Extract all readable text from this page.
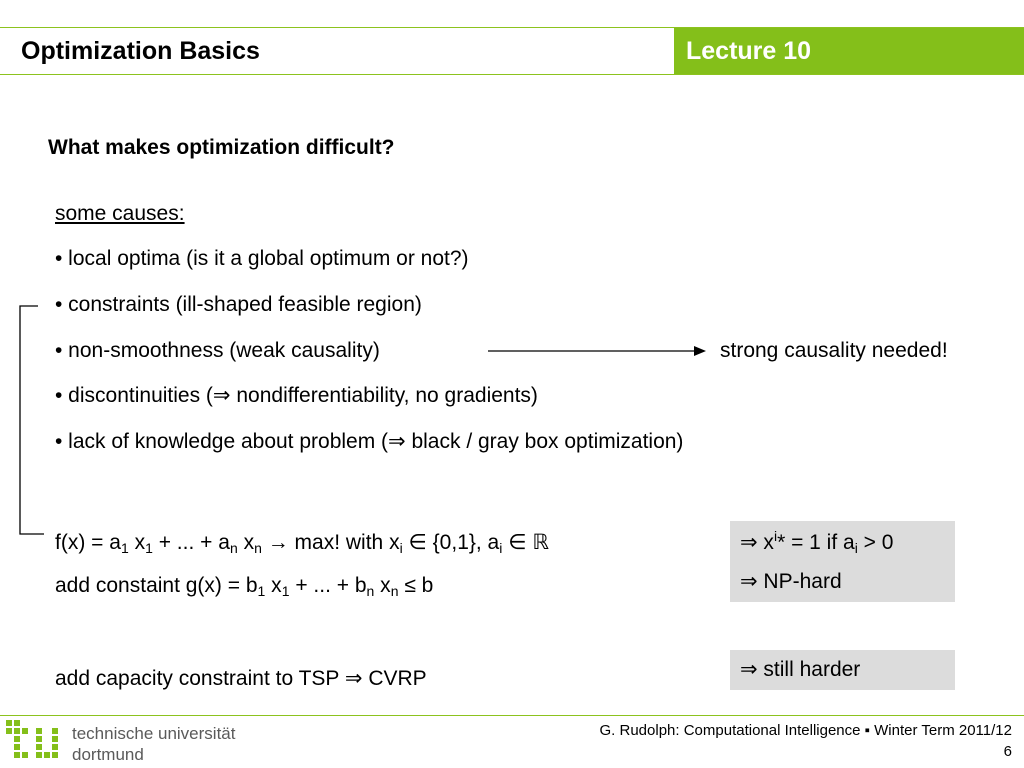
Optimization Basics	Lecture 10
What makes optimization difficult?
some causes:
• local optima (is it a global optimum or not?)
• constraints (ill-shaped feasible region)
• non-smoothness (weak causality)
• discontinuities (⇒ nondifferentiability, no gradients)
• lack of knowledge about problem (⇒ black / gray box optimization)
strong causality needed!
$f(x) = a_1$ $x_1$ + ... + $a_n$ $x_n \to \max$! with $x_i$ ∈ {0,1}, $a_i$ ∈ ℝ
add constaint $g(x) = b_1$ $x_1$ + ... + $b_n$ $x_n \le b$
⇒ $x^i* = 1$ if $a_i > 0$
⇒ NP-hard
add capacity constraint to TSP ⇒ CVRP	⇒ still harder
technische universität
dortmund
G. Rudolph: Computational Intelligence ▪ Winter Term 2011/12
6
